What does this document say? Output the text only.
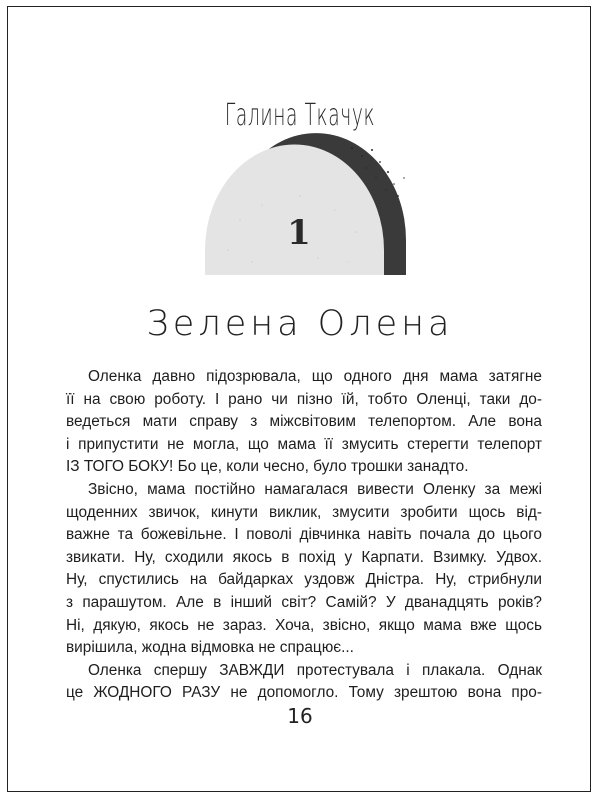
Галина Ткачук
1
Зелена Олена

Оленка давно підозрювала, що одного дня мама затягне
її на свою роботу. І рано чи пізно їй, тобто Оленці, таки до-
ведеться мати справу з міжсвітовим телепортом. Але вона
і припустити не могла, що мама її змусить стерегти телепорт
ІЗ ТОГО БОКУ! Бо це, коли чесно, було трошки занадто.

Звісно, мама постійно намагалася вивести Оленку за межі
щоденних звичок, кинути виклик, змусити зробити щось від-
важне та божевільне. І поволі дівчинка навіть почала до цього
звикати. Ну, сходили якось в похід у Карпати. Взимку. Удвох.
Ну, спустились на байдарках уздовж Дністра. Ну, стрибнули
з парашутом. Але в інший світ? Самій? У дванадцять років?
Ні, дякую, якось не зараз. Хоча, звісно, якщо мама вже щось
вирішила, жодна відмовка не спрацює...

Оленка спершу ЗАВЖДИ протестувала і плакала. Однак
це ЖОДНОГО РАЗУ не допомогло. Тому зрештою вона про-

16
